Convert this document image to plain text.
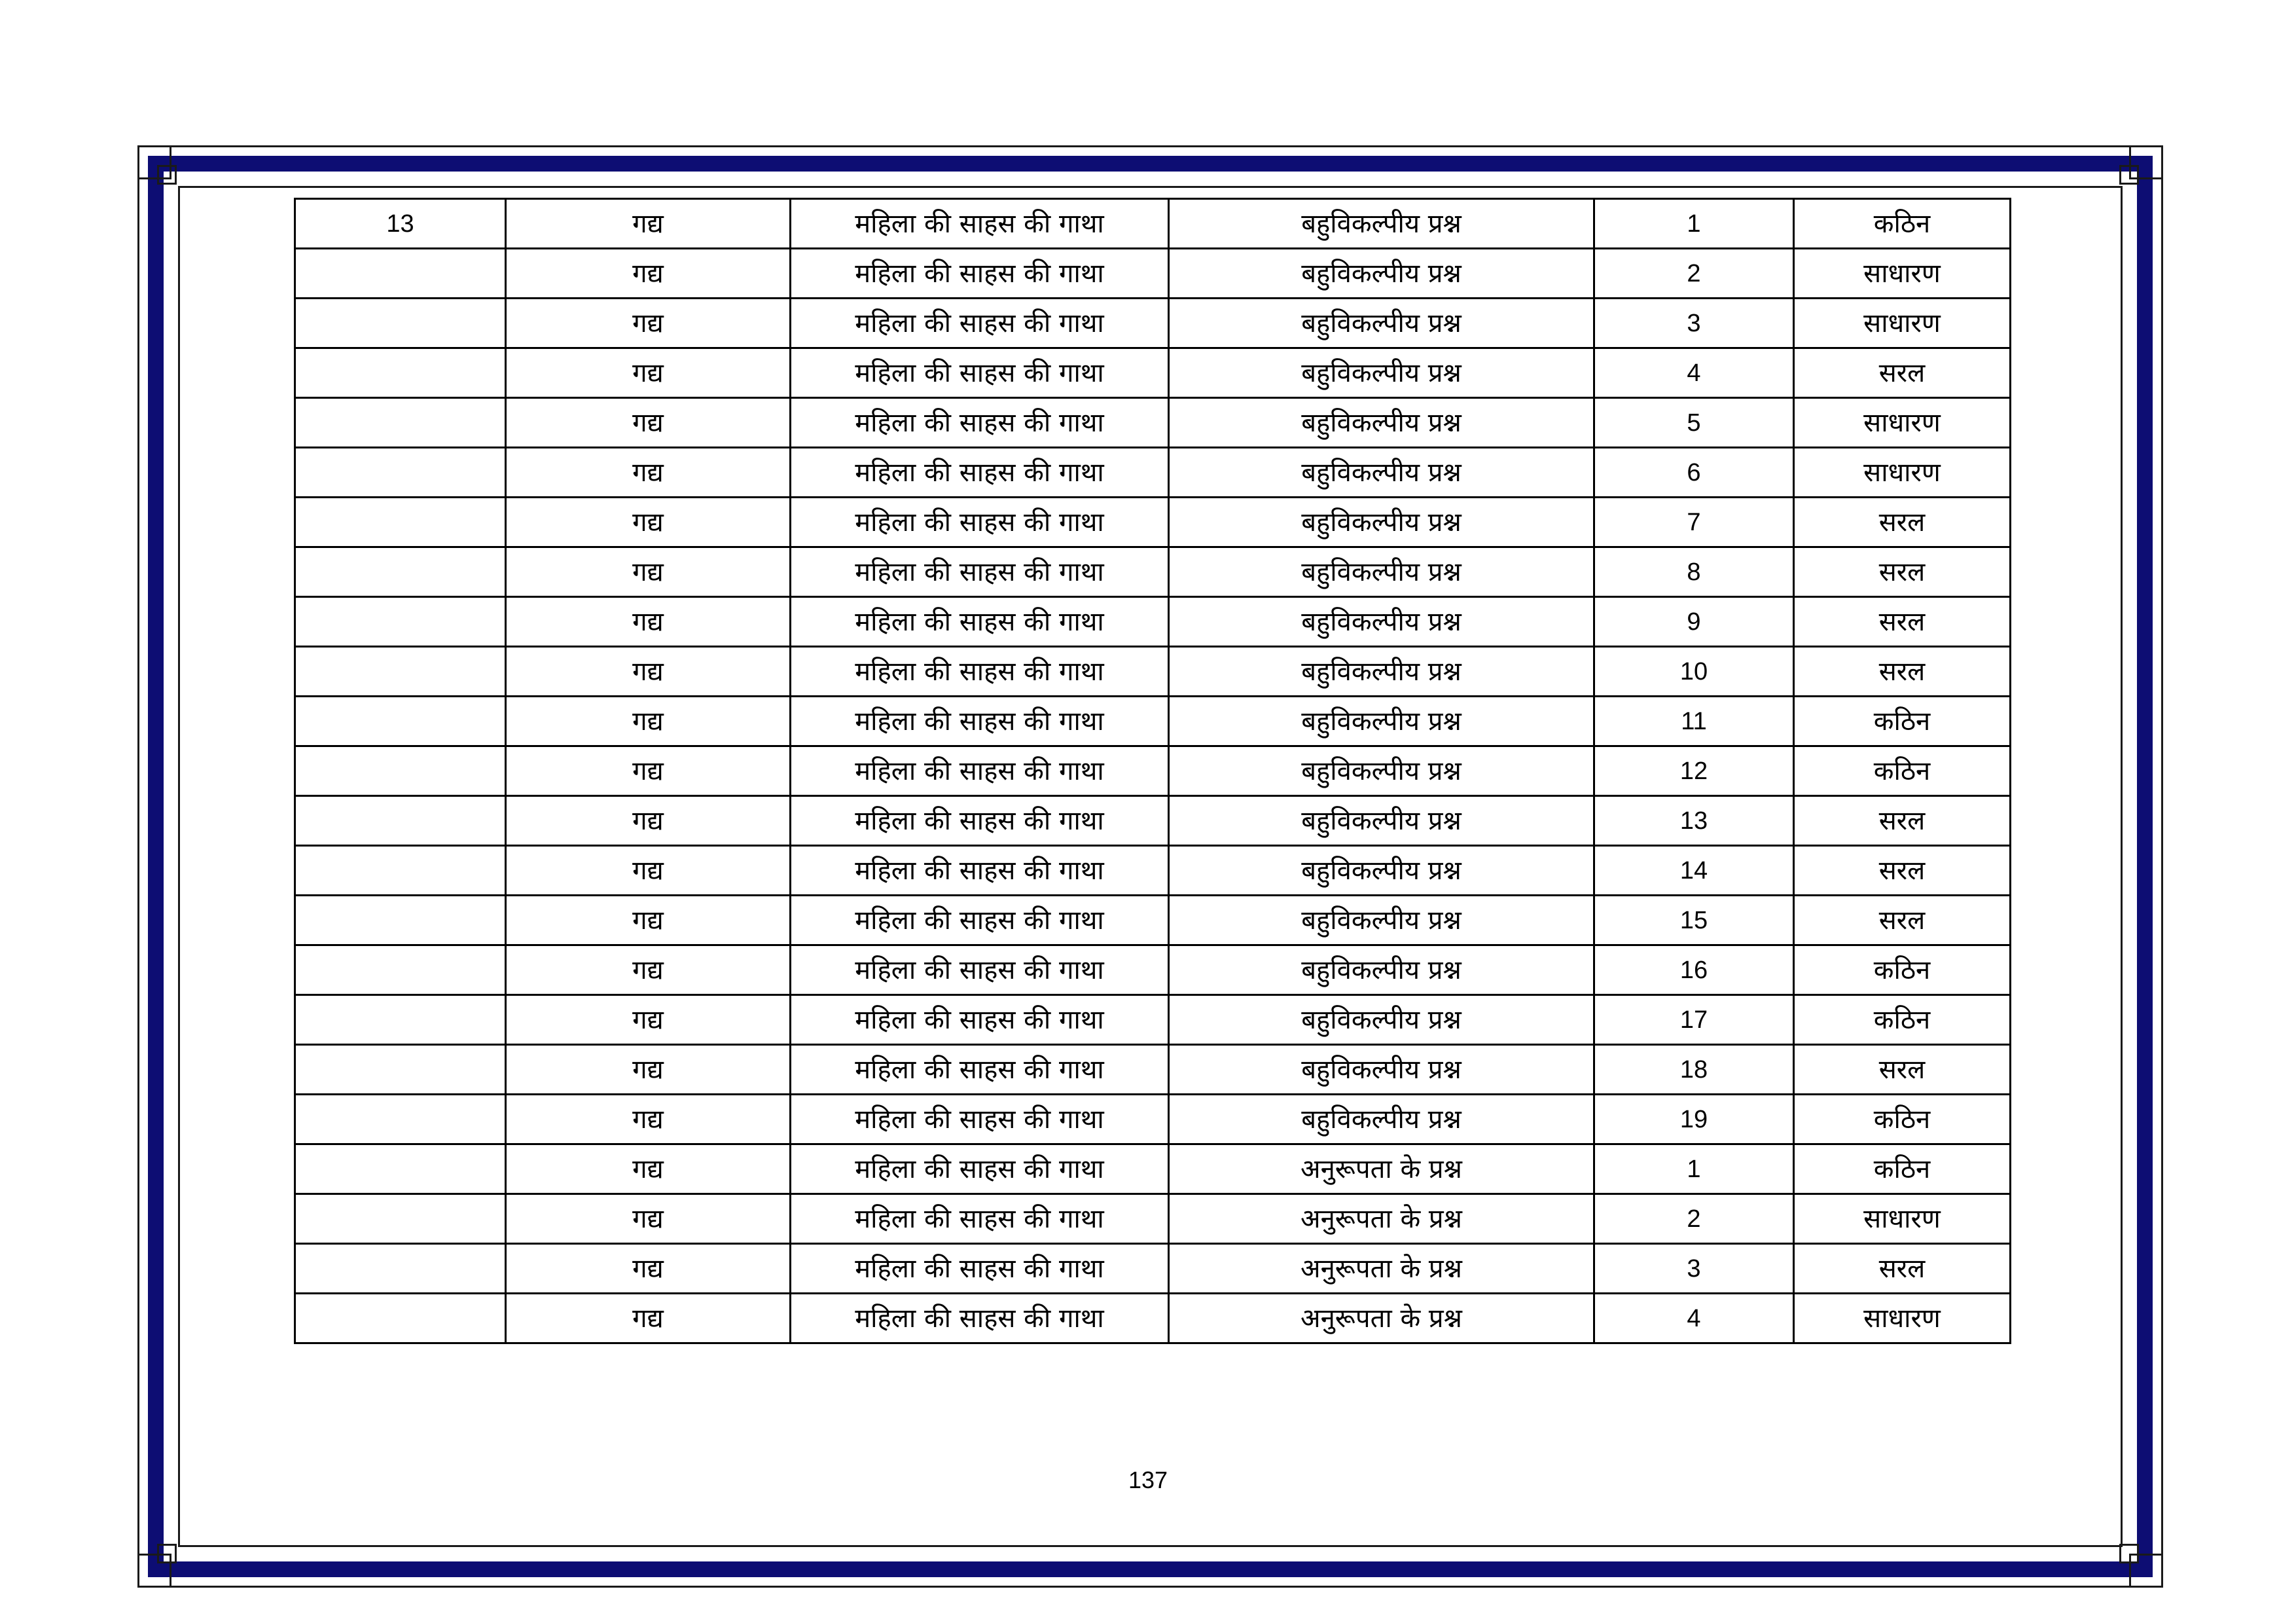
13	गद्य	महिला की साहस की गाथा	बहुविकल्पीय प्रश्न	1	कठिन
	गद्य	महिला की साहस की गाथा	बहुविकल्पीय प्रश्न	2	साधारण
	गद्य	महिला की साहस की गाथा	बहुविकल्पीय प्रश्न	3	साधारण
	गद्य	महिला की साहस की गाथा	बहुविकल्पीय प्रश्न	4	सरल
	गद्य	महिला की साहस की गाथा	बहुविकल्पीय प्रश्न	5	साधारण
	गद्य	महिला की साहस की गाथा	बहुविकल्पीय प्रश्न	6	साधारण
	गद्य	महिला की साहस की गाथा	बहुविकल्पीय प्रश्न	7	सरल
	गद्य	महिला की साहस की गाथा	बहुविकल्पीय प्रश्न	8	सरल
	गद्य	महिला की साहस की गाथा	बहुविकल्पीय प्रश्न	9	सरल
	गद्य	महिला की साहस की गाथा	बहुविकल्पीय प्रश्न	10	सरल
	गद्य	महिला की साहस की गाथा	बहुविकल्पीय प्रश्न	11	कठिन
	गद्य	महिला की साहस की गाथा	बहुविकल्पीय प्रश्न	12	कठिन
	गद्य	महिला की साहस की गाथा	बहुविकल्पीय प्रश्न	13	सरल
	गद्य	महिला की साहस की गाथा	बहुविकल्पीय प्रश्न	14	सरल
	गद्य	महिला की साहस की गाथा	बहुविकल्पीय प्रश्न	15	सरल
	गद्य	महिला की साहस की गाथा	बहुविकल्पीय प्रश्न	16	कठिन
	गद्य	महिला की साहस की गाथा	बहुविकल्पीय प्रश्न	17	कठिन
	गद्य	महिला की साहस की गाथा	बहुविकल्पीय प्रश्न	18	सरल
	गद्य	महिला की साहस की गाथा	बहुविकल्पीय प्रश्न	19	कठिन
	गद्य	महिला की साहस की गाथा	अनुरूपता के प्रश्न	1	कठिन
	गद्य	महिला की साहस की गाथा	अनुरूपता के प्रश्न	2	साधारण
	गद्य	महिला की साहस की गाथा	अनुरूपता के प्रश्न	3	सरल
	गद्य	महिला की साहस की गाथा	अनुरूपता के प्रश्न	4	साधारण
137
